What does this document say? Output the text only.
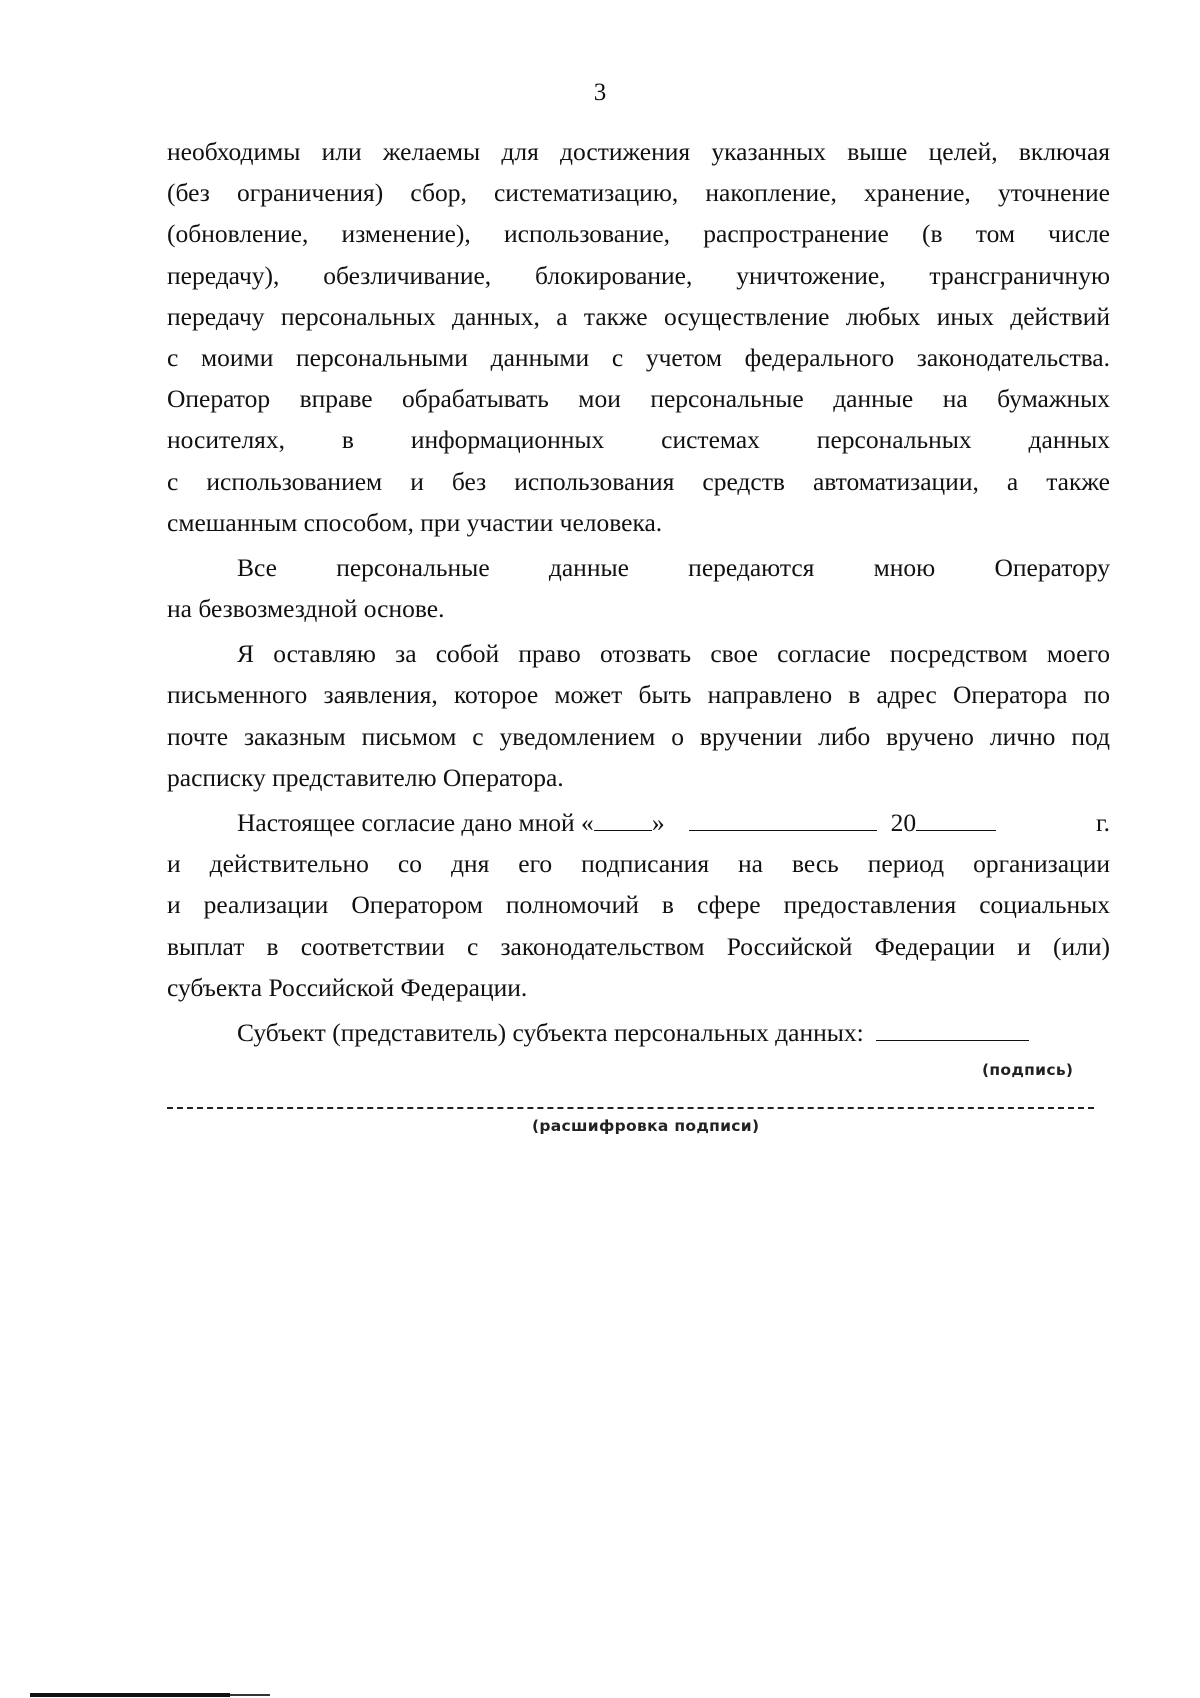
3
необходимы или желаемы для достижения указанных выше целей, включая
(без ограничения) сбор, систематизацию, накопление, хранение, уточнение
(обновление, изменение), использование, распространение (в том числе
передачу), обезличивание, блокирование, уничтожение, трансграничную
передачу персональных данных, а также осуществление любых иных действий
с моими персональными данными с учетом федерального законодательства.
Оператор вправе обрабатывать мои персональные данные на бумажных
носителях, в информационных системах персональных данных
с использованием и без использования средств автоматизации, а также
смешанным способом, при участии человека.
Все персональные данные передаются мною Оператору
на безвозмездной основе.
Я оставляю за собой право отозвать свое согласие посредством моего
письменного заявления, которое может быть направлено в адрес Оператора по
почте заказным письмом с уведомлением о вручении либо вручено лично под
расписку представителю Оператора.
Настоящее согласие дано мной « »	20	г.
и действительно со дня его подписания на весь период организации
и реализации Оператором полномочий в сфере предоставления социальных
выплат в соответствии с законодательством Российской Федерации и (или)
субъекта Российской Федерации.
Субъект (представитель) субъекта персональных данных:
(подпись)
(расшифровка подписи)
